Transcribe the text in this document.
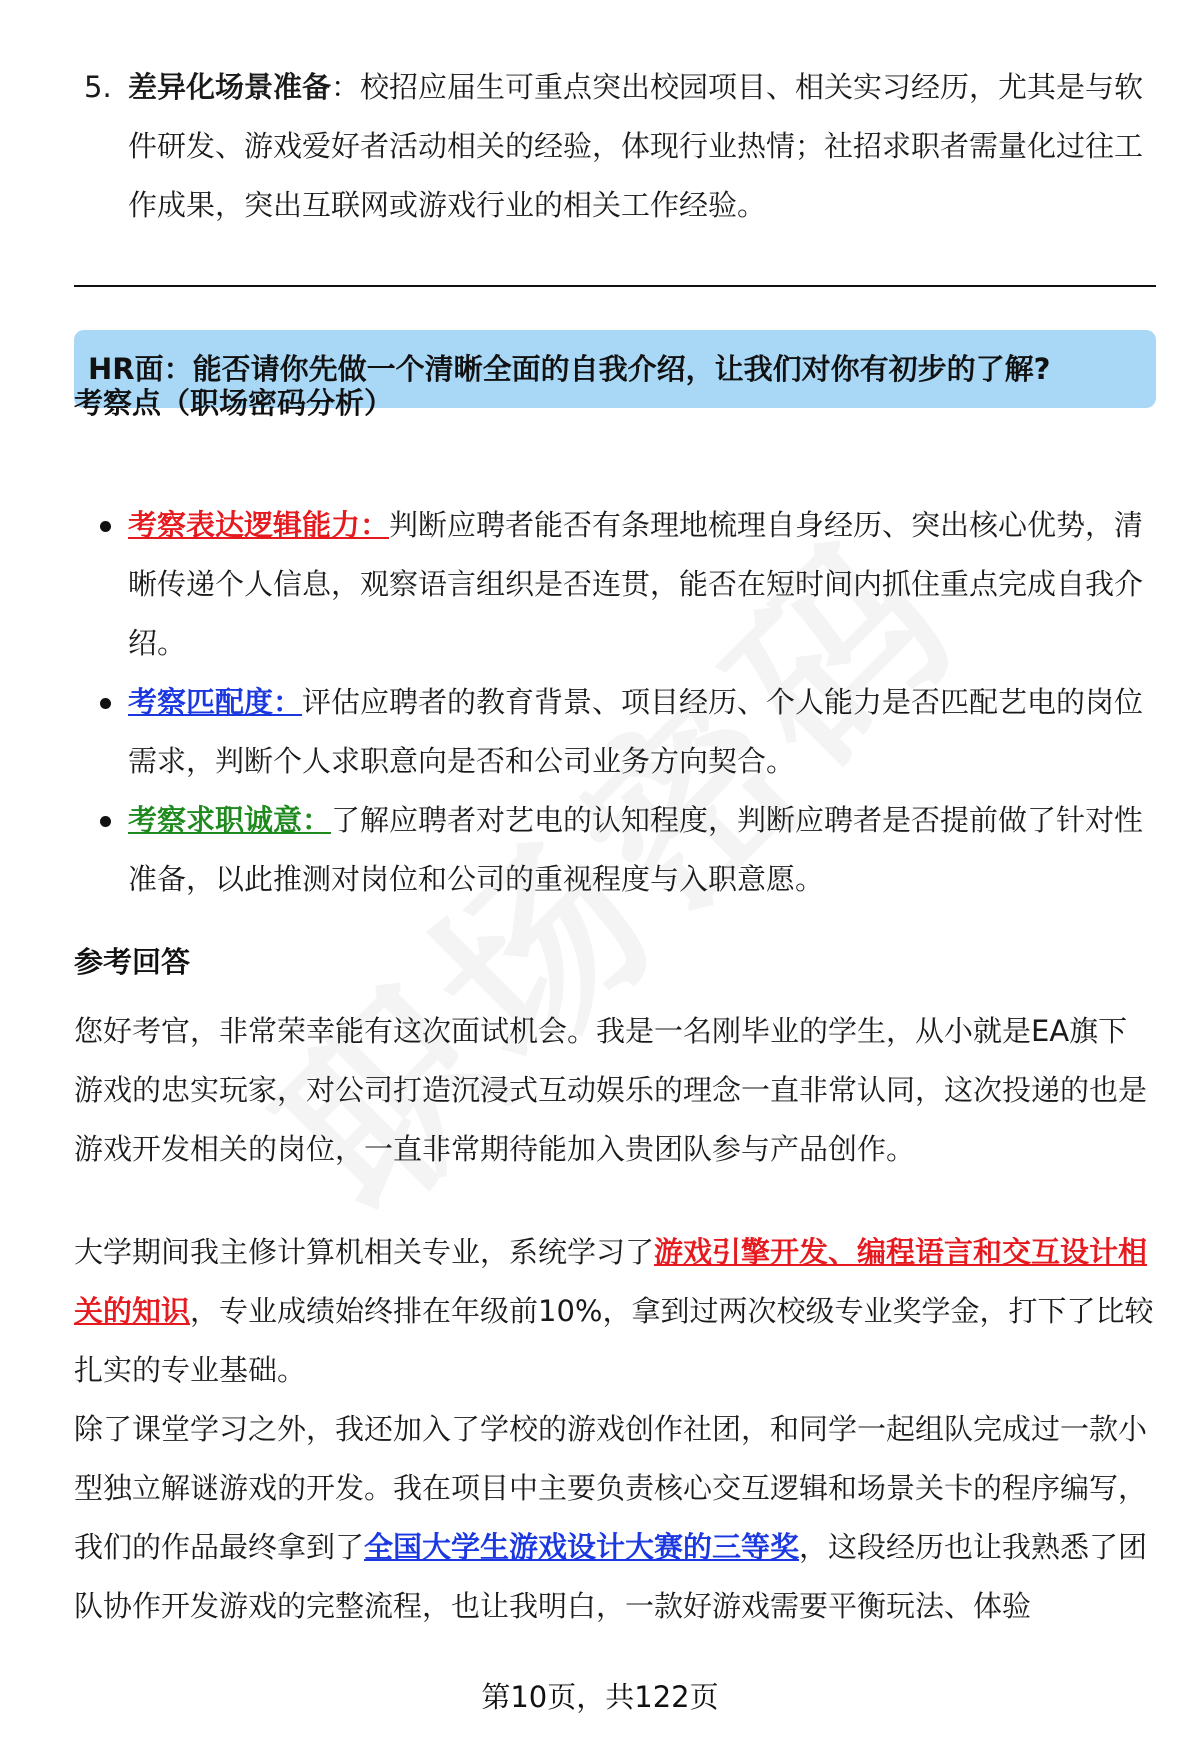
5. 差异化场景准备：校招应届生可重点突出校园项目、相关实习经历，尤其是与软件研发、游戏爱好者活动相关的经验，体现行业热情；社招求职者需量化过往工作成果，突出互联网或游戏行业的相关工作经验。
HR面：能否请你先做一个清晰全面的自我介绍，让我们对你有初步的了解?
考察点（职场密码分析）
考察表达逻辑能力：判断应聘者能否有条理地梳理自身经历、突出核心优势，清晰传递个人信息，观察语言组织是否连贯，能否在短时间内抓住重点完成自我介绍。
考察匹配度：评估应聘者的教育背景、项目经历、个人能力是否匹配艺电的岗位需求，判断个人求职意向是否和公司业务方向契合。
考察求职诚意：了解应聘者对艺电的认知程度，判断应聘者是否提前做了针对性准备，以此推测对岗位和公司的重视程度与入职意愿。
参考回答

您好考官，非常荣幸能有这次面试机会。我是一名刚毕业的学生，从小就是EA旗下游戏的忠实玩家，对公司打造沉浸式互动娱乐的理念一直非常认同，这次投递的也是游戏开发相关的岗位，一直非常期待能加入贵团队参与产品创作。

大学期间我主修计算机相关专业，系统学习了游戏引擎开发、编程语言和交互设计相关的知识，专业成绩始终排在年级前10%，拿到过两次校级专业奖学金，打下了比较扎实的专业基础。

除了课堂学习之外，我还加入了学校的游戏创作社团，和同学一起组队完成过一款小型独立解谜游戏的开发。我在项目中主要负责核心交互逻辑和场景关卡的程序编写，我们的作品最终拿到了全国大学生游戏设计大赛的三等奖，这段经历也让我熟悉了团队协作开发游戏的完整流程，也让我明白，一款好游戏需要平衡玩法、体验

第10页，共122页
